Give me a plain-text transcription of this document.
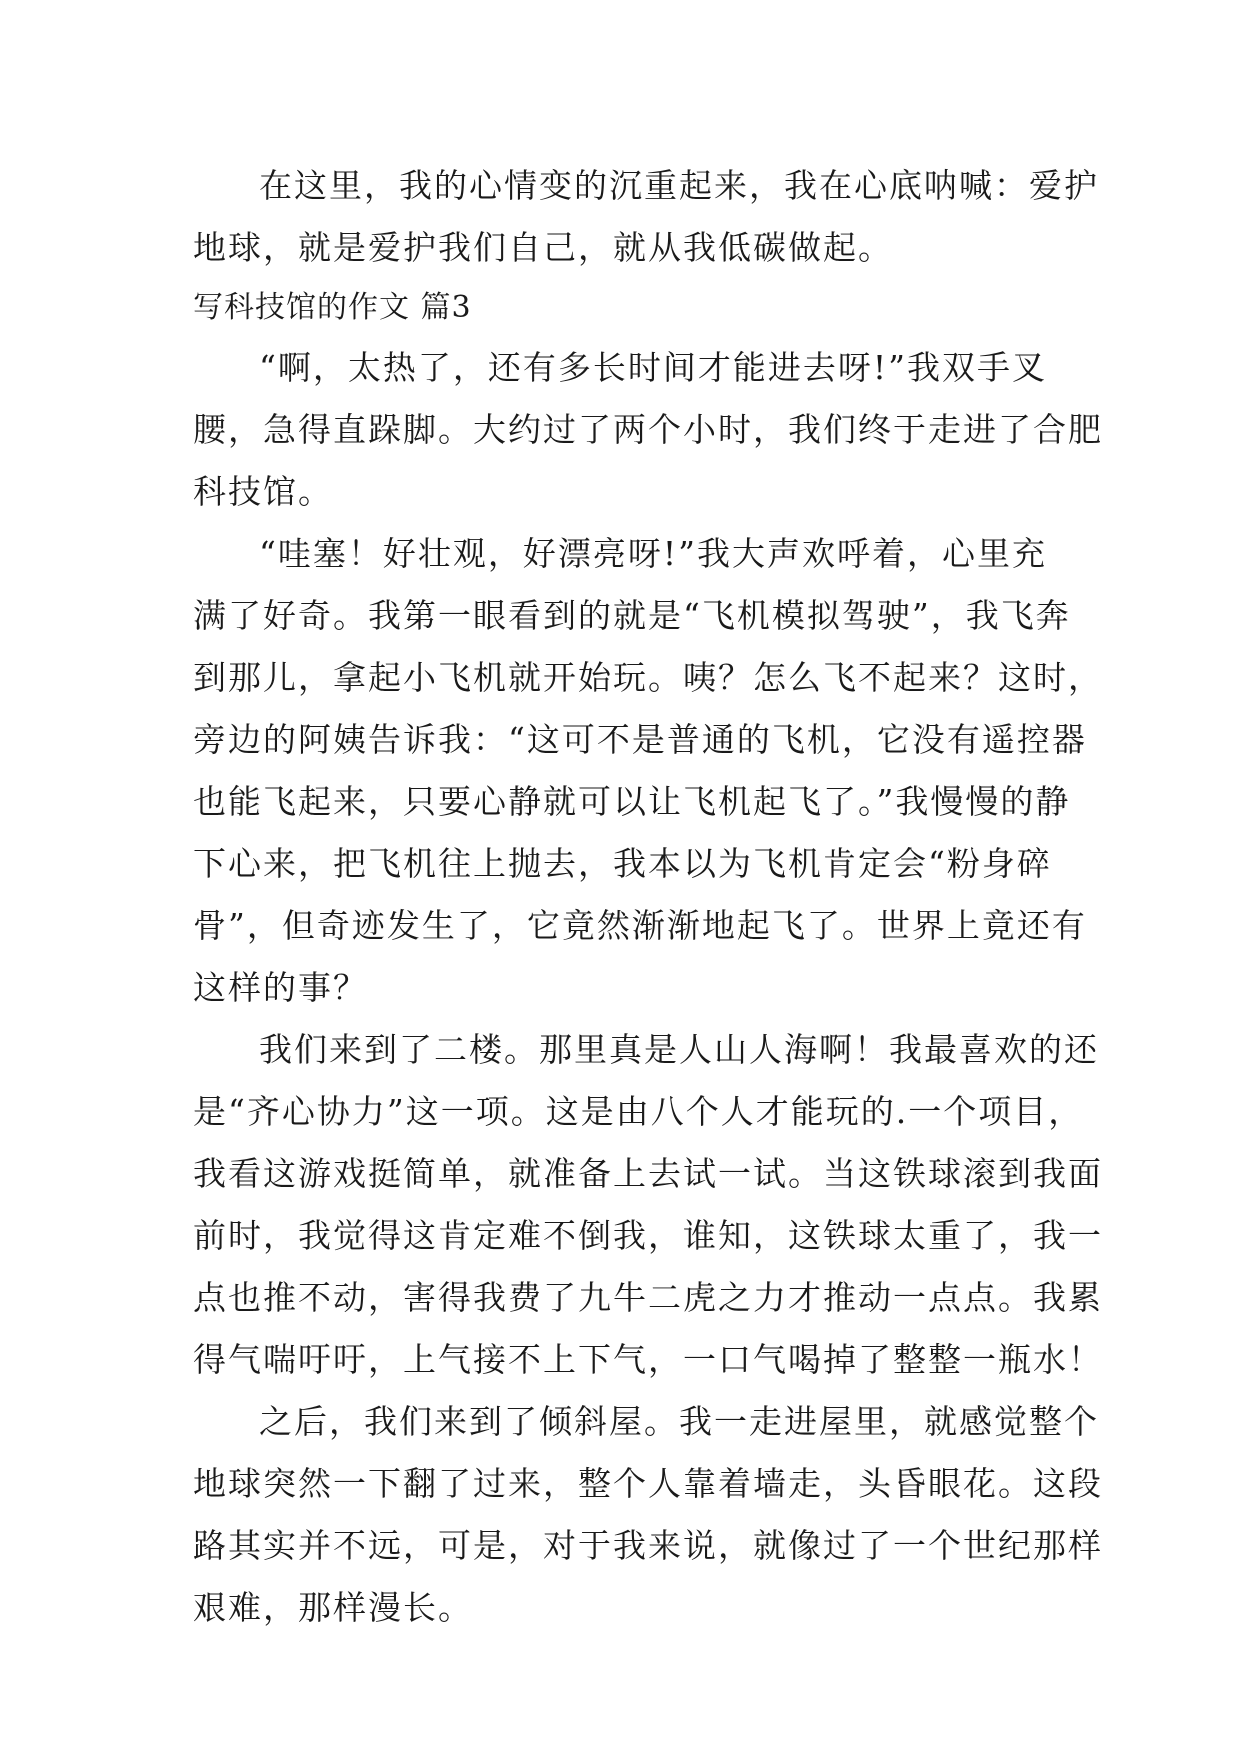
在这里，我的心情变的沉重起来，我在心底呐喊：爱护
地球，就是爱护我们自己，就从我低碳做起。
写科技馆的作文 篇3
“啊，太热了，还有多长时间才能进去呀!”我双手叉
腰，急得直跺脚。大约过了两个小时，我们终于走进了合肥
科技馆。
“哇塞！好壮观，好漂亮呀!”我大声欢呼着，心里充
满了好奇。我第一眼看到的就是“飞机模拟驾驶”，我飞奔
到那儿，拿起小飞机就开始玩。咦？怎么飞不起来？这时，
旁边的阿姨告诉我：“这可不是普通的飞机，它没有遥控器
也能飞起来，只要心静就可以让飞机起飞了。”我慢慢的静
下心来，把飞机往上抛去，我本以为飞机肯定会“粉身碎
骨”，但奇迹发生了，它竟然渐渐地起飞了。世界上竟还有
这样的事？
我们来到了二楼。那里真是人山人海啊！我最喜欢的还
是“齐心协力”这一项。这是由八个人才能玩的.一个项目，
我看这游戏挺简单，就准备上去试一试。当这铁球滚到我面
前时，我觉得这肯定难不倒我，谁知，这铁球太重了，我一
点也推不动，害得我费了九牛二虎之力才推动一点点。我累
得气喘吁吁，上气接不上下气，一口气喝掉了整整一瓶水！
之后，我们来到了倾斜屋。我一走进屋里，就感觉整个
地球突然一下翻了过来，整个人靠着墙走，头昏眼花。这段
路其实并不远，可是，对于我来说，就像过了一个世纪那样
艰难，那样漫长。
